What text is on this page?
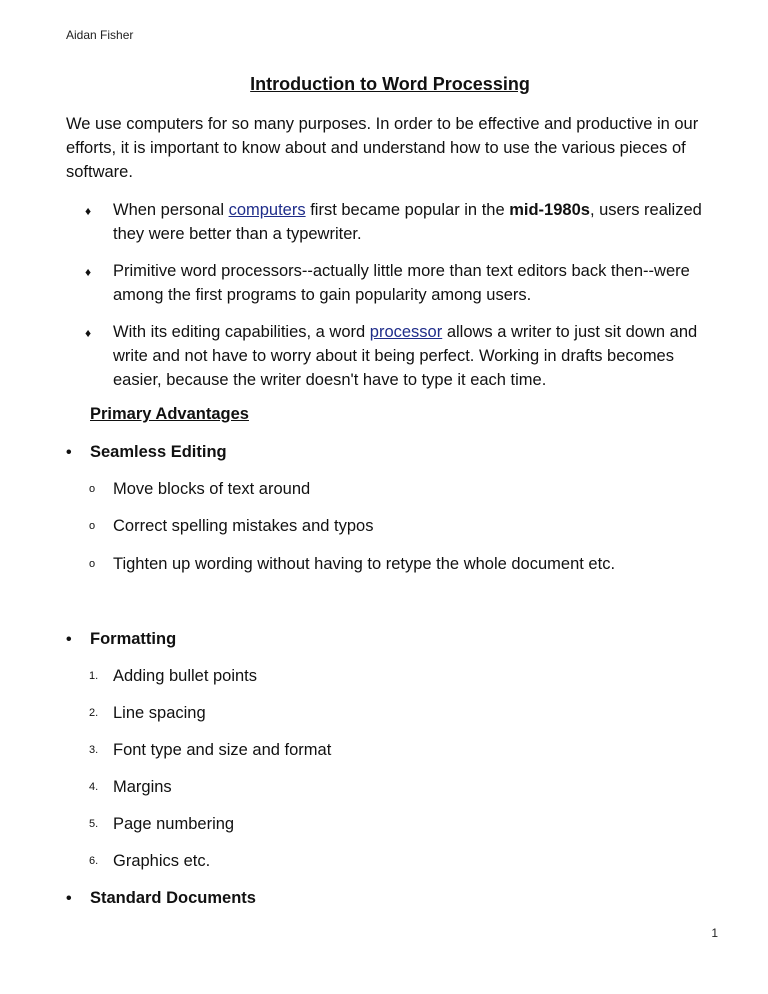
Aidan Fisher
Introduction to Word Processing
We use computers for so many purposes. In order to be effective and productive in our efforts, it is important to know about and understand how to use the various pieces of software.
♦ When personal computers first became popular in the mid-1980s, users realized they were better than a typewriter.
♦ Primitive word processors--actually little more than text editors back then--were among the first programs to gain popularity among users.
♦ With its editing capabilities, a word processor allows a writer to just sit down and write and not have to worry about it being perfect. Working in drafts becomes easier, because the writer doesn't have to type it each time.
Primary Advantages
• Seamless Editing
o	Move blocks of text around
o	Correct spelling mistakes and typos
o	Tighten up wording without having to retype the whole document etc.
• Formatting
1. Adding bullet points
2. Line spacing
3. Font type and size and format
4. Margins
5. Page numbering
6. Graphics etc.
• Standard Documents
1
